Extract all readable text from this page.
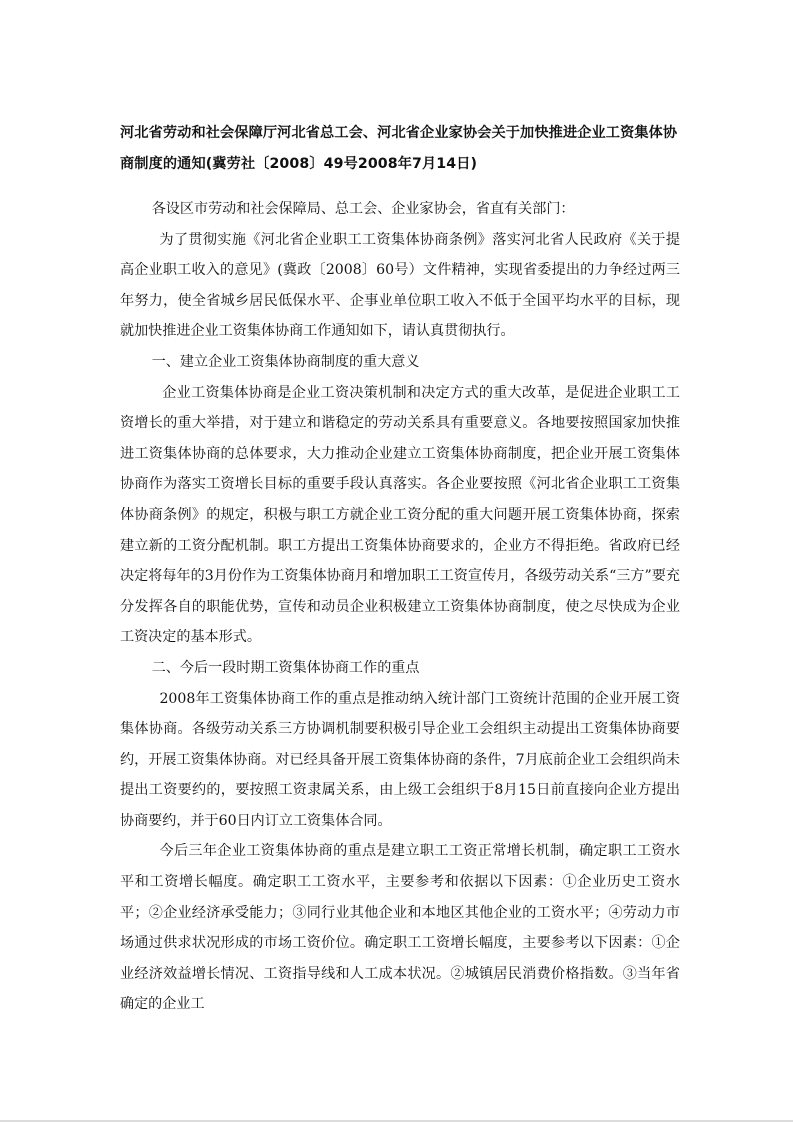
河北省劳动和社会保障厅河北省总工会、河北省企业家协会关于加快推进企业工资集体协商制度的通知(冀劳社〔2008〕49号2008年7月14日)

各设区市劳动和社会保障局、总工会、企业家协会，省直有关部门：

为了贯彻实施《河北省企业职工工资集体协商条例》落实河北省人民政府《关于提高企业职工收入的意见》(冀政〔2008〕60号）文件精神，实现省委提出的力争经过两三年努力，使全省城乡居民低保水平、企事业单位职工收入不低于全国平均水平的目标，现就加快推进企业工资集体协商工作通知如下，请认真贯彻执行。

一、建立企业工资集体协商制度的重大意义

企业工资集体协商是企业工资决策机制和决定方式的重大改革，是促进企业职工工资增长的重大举措，对于建立和谐稳定的劳动关系具有重要意义。各地要按照国家加快推进工资集体协商的总体要求，大力推动企业建立工资集体协商制度，把企业开展工资集体协商作为落实工资增长目标的重要手段认真落实。各企业要按照《河北省企业职工工资集体协商条例》的规定，积极与职工方就企业工资分配的重大问题开展工资集体协商，探索建立新的工资分配机制。职工方提出工资集体协商要求的，企业方不得拒绝。省政府已经决定将每年的3月份作为工资集体协商月和增加职工工资宣传月，各级劳动关系“三方”要充分发挥各自的职能优势，宣传和动员企业积极建立工资集体协商制度，使之尽快成为企业工资决定的基本形式。

二、今后一段时期工资集体协商工作的重点

2008年工资集体协商工作的重点是推动纳入统计部门工资统计范围的企业开展工资集体协商。各级劳动关系三方协调机制要积极引导企业工会组织主动提出工资集体协商要约，开展工资集体协商。对已经具备开展工资集体协商的条件，7月底前企业工会组织尚未提出工资要约的，要按照工资隶属关系，由上级工会组织于8月15日前直接向企业方提出协商要约，并于60日内订立工资集体合同。

今后三年企业工资集体协商的重点是建立职工工资正常增长机制，确定职工工资水平和工资增长幅度。确定职工工资水平，主要参考和依据以下因素：①企业历史工资水平；②企业经济承受能力；③同行业其他企业和本地区其他企业的工资水平；④劳动力市场通过供求状况形成的市场工资价位。确定职工工资增长幅度，主要参考以下因素：①企业经济效益增长情况、工资指导线和人工成本状况。②城镇居民消费价格指数。③当年省确定的企业工
